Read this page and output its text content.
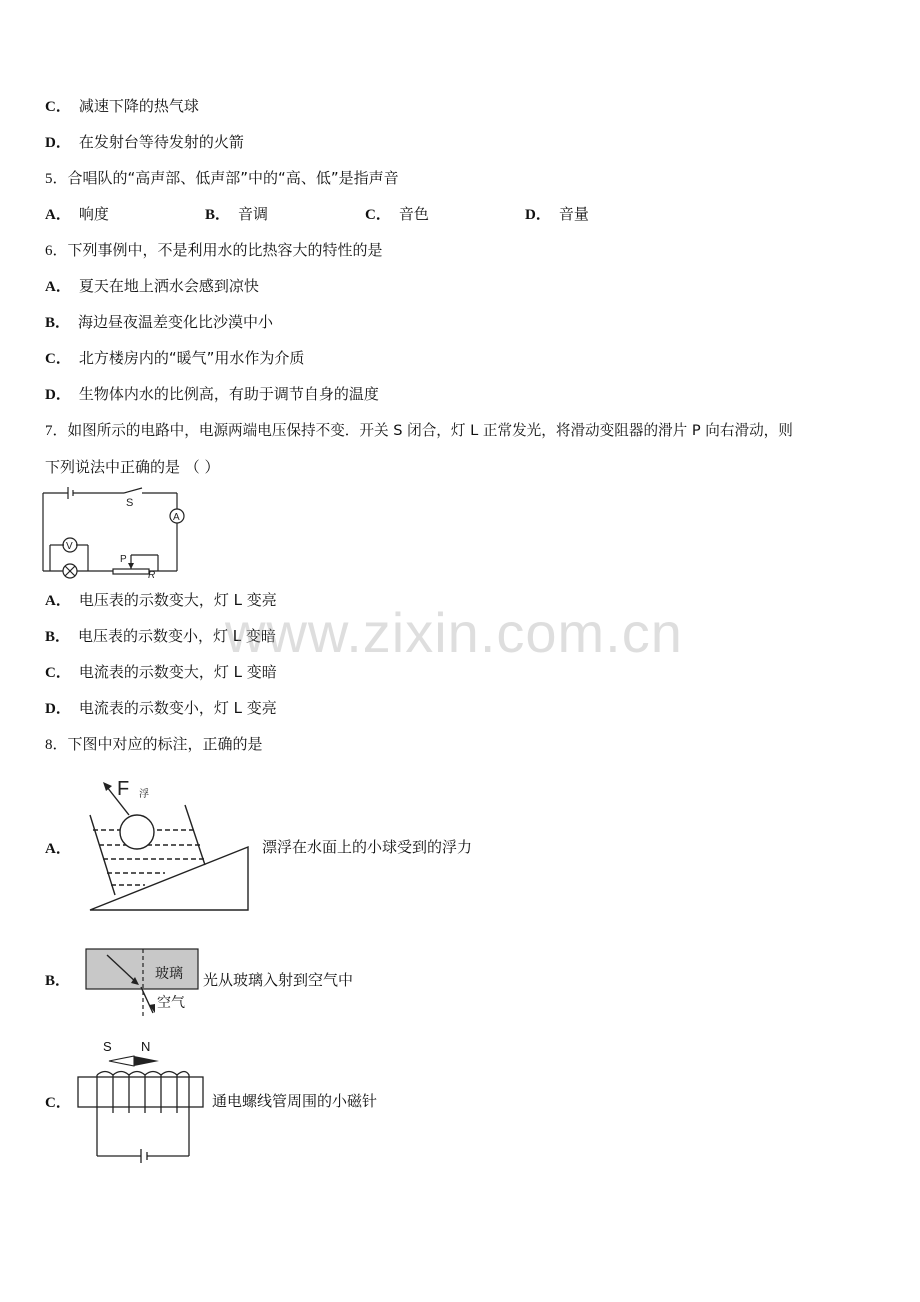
C． 减速下降的热气球
D． 在发射台等待发射的火箭
5．合唱队的“高声部、低声部”中的“高、低”是指声音
A． 响度	B． 音调	C． 音色	D． 音量
6．下列事例中，不是利用水的比热容大的特性的是
A． 夏天在地上洒水会感到凉快
B． 海边昼夜温差变化比沙漠中小
C． 北方楼房内的“暖气”用水作为介质
D． 生物体内水的比例高，有助于调节自身的温度
7．如图所示的电路中，电源两端电压保持不变．开关 S 闭合，灯 L 正常发光，将滑动变阻器的滑片 P 向右滑动，则
下列说法中正确的是 （ ）
S
A
V
P
R
A． 电压表的示数变大，灯 L 变亮
B． 电压表的示数变小，灯 L 变暗
C． 电流表的示数变大，灯 L 变暗
D． 电流表的示数变小，灯 L 变亮
www.zixin.com.cn
8．下图中对应的标注，正确的是
A．
F 浮
漂浮在水面上的小球受到的浮力
B．	玻璃
空气
光从玻璃入射到空气中
C．
S N
通电螺线管周围的小磁针
